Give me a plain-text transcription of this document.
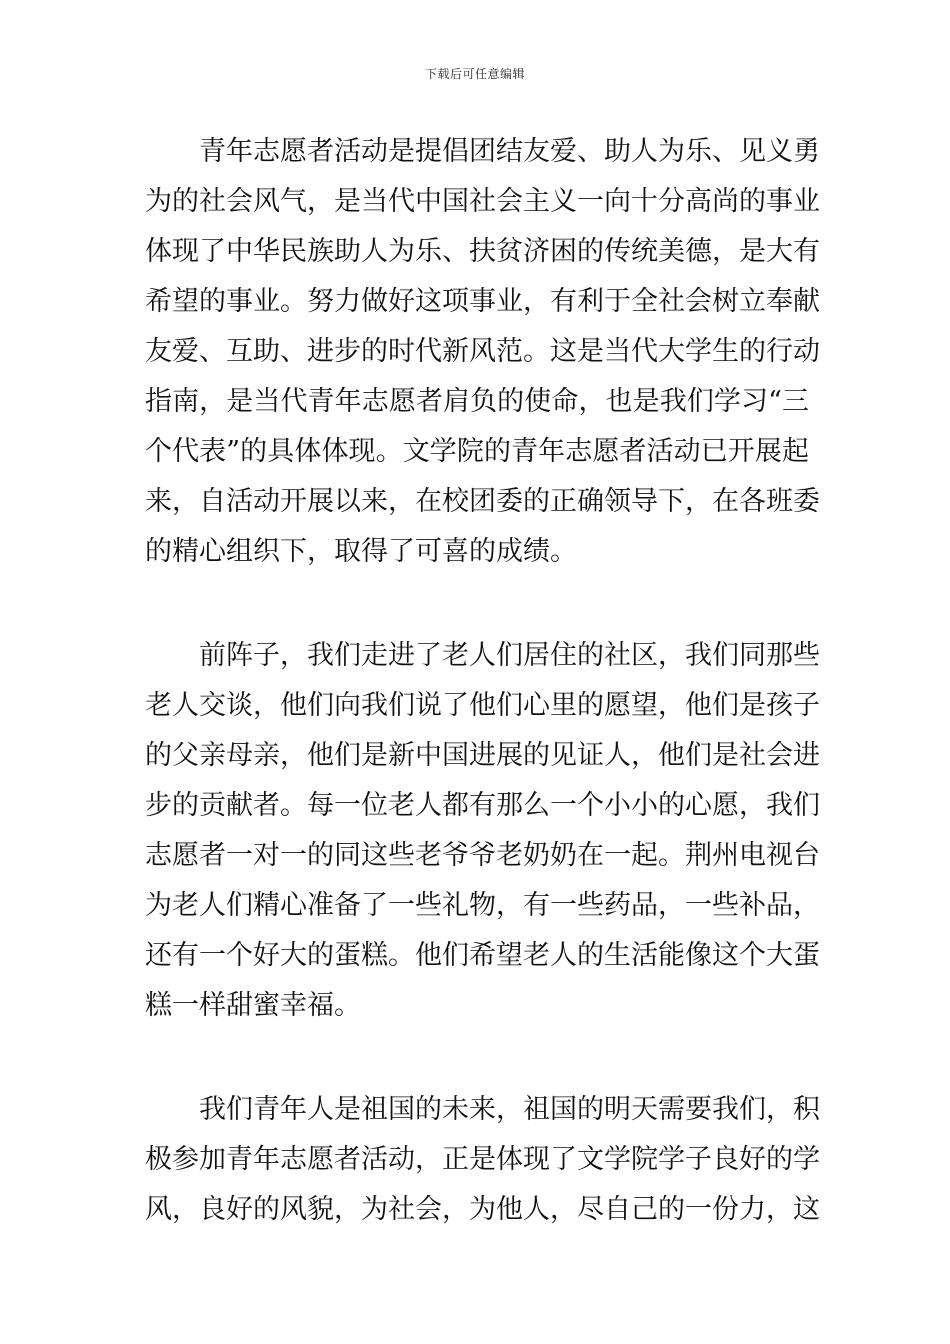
下载后可任意编辑
青年志愿者活动是提倡团结友爱、助人为乐、见义勇
为的社会风气，是当代中国社会主义一向十分高尚的事业
体现了中华民族助人为乐、扶贫济困的传统美德，是大有
希望的事业。努力做好这项事业，有利于全社会树立奉献
友爱、互助、进步的时代新风范。这是当代大学生的行动
指南，是当代青年志愿者肩负的使命，也是我们学习“三
个代表”的具体体现。文学院的青年志愿者活动已开展起
来，自活动开展以来，在校团委的正确领导下，在各班委
的精心组织下，取得了可喜的成绩。
前阵子，我们走进了老人们居住的社区，我们同那些
老人交谈，他们向我们说了他们心里的愿望，他们是孩子
的父亲母亲，他们是新中国进展的见证人，他们是社会进
步的贡献者。每一位老人都有那么一个小小的心愿，我们
志愿者一对一的同这些老爷爷老奶奶在一起。荆州电视台
为老人们精心准备了一些礼物，有一些药品，一些补品，
还有一个好大的蛋糕。他们希望老人的生活能像这个大蛋
糕一样甜蜜幸福。
我们青年人是祖国的未来，祖国的明天需要我们，积
极参加青年志愿者活动，正是体现了文学院学子良好的学
风，良好的风貌，为社会，为他人，尽自己的一份力，这
